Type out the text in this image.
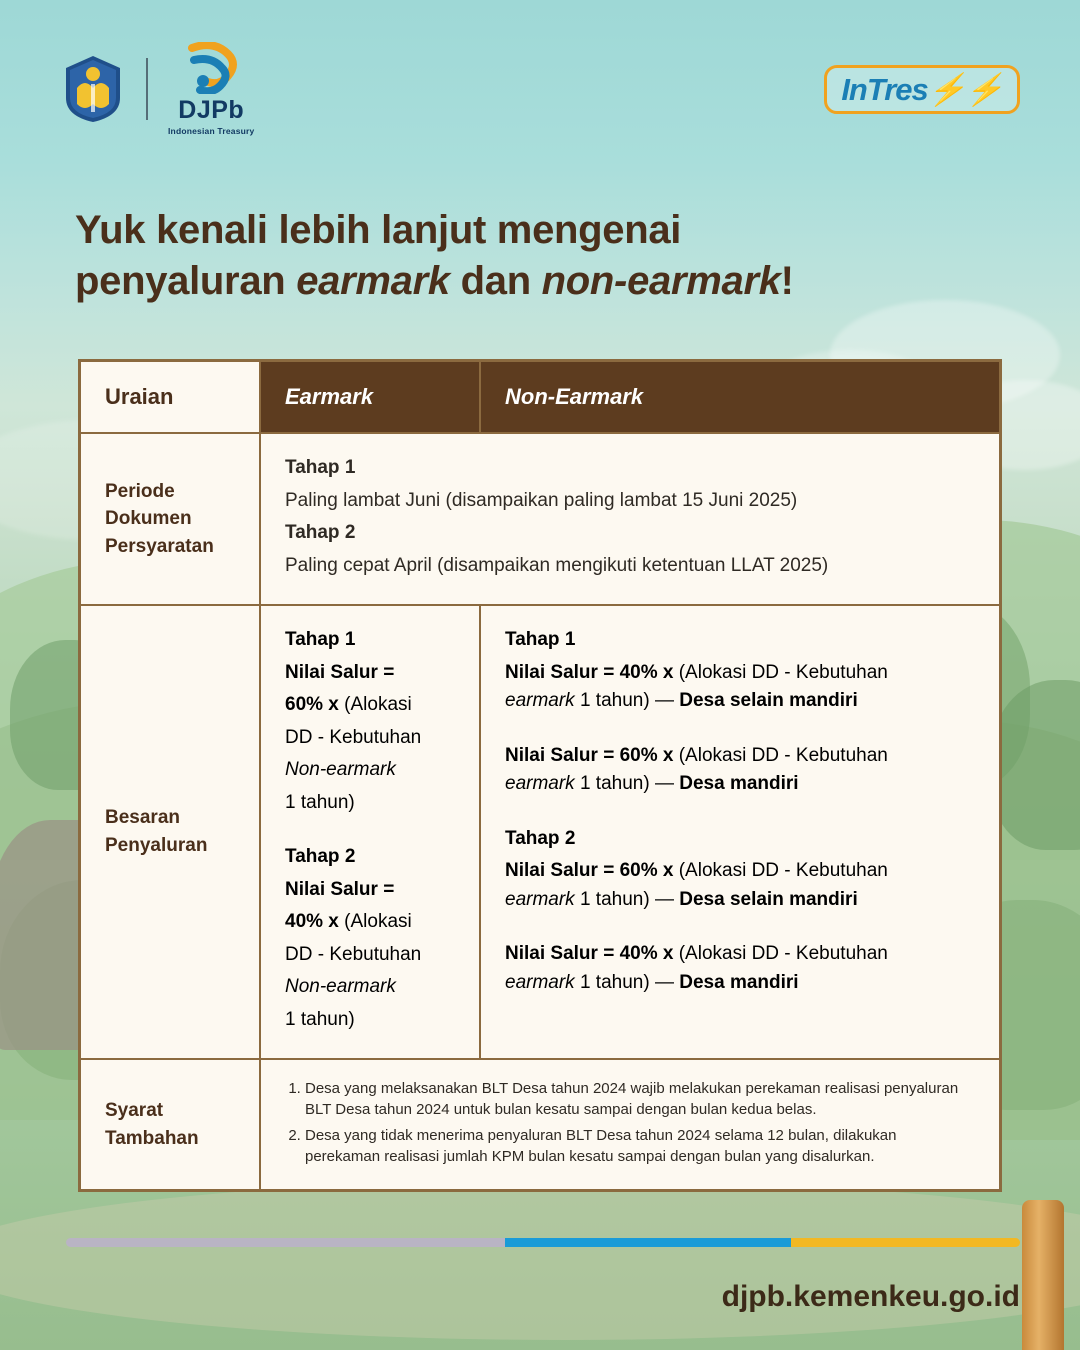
DJPb
Indonesian Treasury
InTres⚡⚡
Yuk kenali lebih lanjut mengenai
penyaluran earmark dan non-earmark!
Uraian	Earmark	Non-Earmark
Periode
Dokumen
Persyaratan
Tahap 1
Paling lambat Juni (disampaikan paling lambat 15 Juni 2025)
Tahap 2
Paling cepat April (disampaikan mengikuti ketentuan LLAT 2025)
Besaran
Penyaluran
Tahap 1
Nilai Salur =
60% x (Alokasi
DD - Kebutuhan
Non-earmark
1 tahun)
Tahap 2
Nilai Salur =
40% x (Alokasi
DD - Kebutuhan
Non-earmark
1 tahun)
Tahap 1
Nilai Salur = 40% x (Alokasi DD - Kebutuhan
earmark 1 tahun) — Desa selain mandiri
Nilai Salur = 60% x (Alokasi DD - Kebutuhan
earmark 1 tahun) — Desa mandiri
Tahap 2
Nilai Salur = 60% x (Alokasi DD - Kebutuhan
earmark 1 tahun) — Desa selain mandiri
Nilai Salur = 40% x (Alokasi DD - Kebutuhan
earmark 1 tahun) — Desa mandiri
Syarat
Tambahan
1. Desa yang melaksanakan BLT Desa tahun 2024 wajib melakukan perekaman realisasi penyaluran BLT Desa tahun 2024 untuk bulan kesatu sampai dengan bulan kedua belas.
2. Desa yang tidak menerima penyaluran BLT Desa tahun 2024 selama 12 bulan, dilakukan perekaman realisasi jumlah KPM bulan kesatu sampai dengan bulan yang disalurkan.
djpb.kemenkeu.go.id
